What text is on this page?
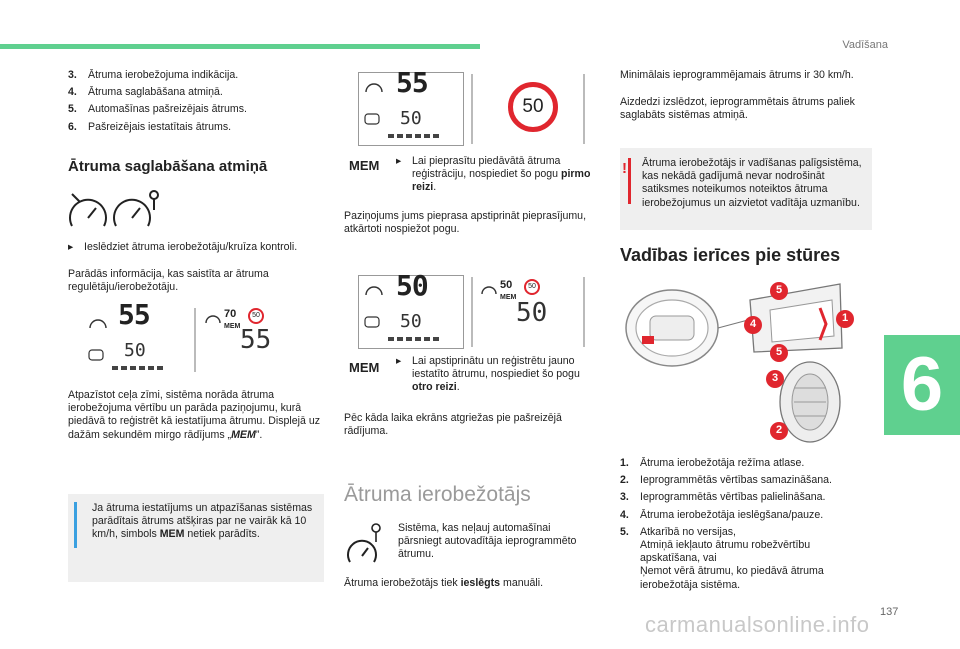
Vadīšana
6
137
carmanualsonline.info
3.	Ātruma ierobežojuma indikācija.
4.	Ātruma saglabāšana atmiņā.
5.	Automašīnas pašreizējais ātrums.
6.	Pašreizējais iestatītais ātrums.
Ātruma saglabāšana atmiņā
▸	Ieslēdziet ātruma ierobežotāju/kruīza kontroli.

Parādās informācija, kas saistīta ar ātruma regulētāju/ierobežotāju.

55
50
70
MEM
50
55

Atpazīstot ceļa zīmi, sistēma norāda ātruma ierobežojuma vērtību un parāda paziņojumu, kurā piedāvā to reģistrēt kā iestatījuma ātrumu. Displejā uz dažām sekundēm mirgo rādījums „MEM”.

Ja ātruma iestatījums un atpazīšanas sistēmas parādītais ātrums atšķiras par ne vairāk kā 10 km/h, simbols MEM netiek parādīts.

55
50
50
MEM ▸	Lai pieprasītu piedāvātā ātruma reģistrāciju, nospiediet šo pogu pirmo reizi.

Paziņojums jums pieprasa apstiprināt pieprasījumu, atkārtoti nospiežot pogu.

50
50
50
MEM
50
50
MEM ▸	Lai apstiprinātu un reģistrētu jauno iestatīto ātrumu, nospiediet šo pogu otro reizi.

Pēc kāda laika ekrāns atgriežas pie pašreizējā rādījuma.

Ātruma ierobežotājs

Sistēma, kas neļauj automašīnai pārsniegt autovadītāja ieprogrammēto ātrumu.

Ātruma ierobežotājs tiek ieslēgts manuāli.

Minimālais ieprogrammējamais ātrums ir 30 km/h.

Aizdedzi izslēdzot, ieprogrammētais ātrums paliek saglabāts sistēmas atmiņā.

! Ātruma ierobežotājs ir vadīšanas palīgsistēma, kas nekādā gadījumā nevar nodrošināt satiksmes noteikumos noteiktos ātruma ierobežojumus un aizvietot vadītāja uzmanību.

Vadības ierīces pie stūres
5
4	1
5
3
2
1.	Ātruma ierobežotāja režīma atlase.
2.	Ieprogrammētās vērtības samazināšana.
3.	Ieprogrammētās vērtības palielināšana.
4.	Ātruma ierobežotāja ieslēgšana/pauze.
5.	Atkarībā no versijas,
Atmiņā iekļauto ātrumu robežvērtību apskatīšana, vai
Ņemot vērā ātrumu, ko piedāvā ātruma ierobežotāja sistēma.
